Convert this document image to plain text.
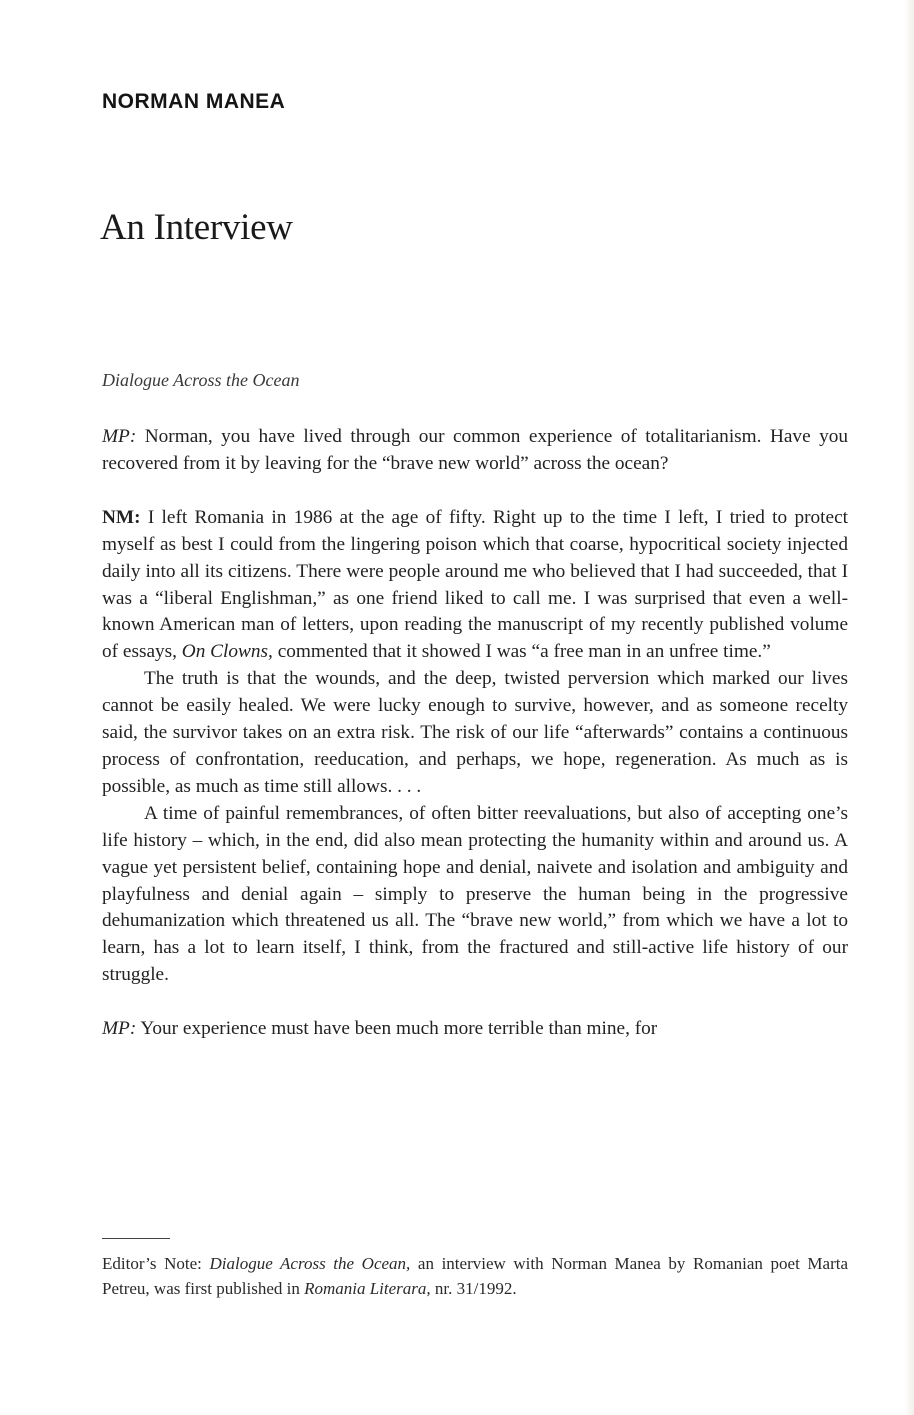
NORMAN MANEA
An Interview
Dialogue Across the Ocean

MP: Norman, you have lived through our common experience of totalitarianism. Have you recovered from it by leaving for the “brave new world” across the ocean?

NM: I left Romania in 1986 at the age of fifty. Right up to the time I left, I tried to protect myself as best I could from the lingering poison which that coarse, hypocritical society injected daily into all its citizens. There were people around me who believed that I had succeeded, that I was a “liberal Englishman,” as one friend liked to call me. I was surprised that even a well-known American man of letters, upon reading the manuscript of my recently published volume of essays, On Clowns, commented that it showed I was “a free man in an unfree time.”

The truth is that the wounds, and the deep, twisted perversion which marked our lives cannot be easily healed. We were lucky enough to survive, however, and as someone recelty said, the survivor takes on an extra risk. The risk of our life “afterwards” contains a continuous process of confrontation, reeducation, and perhaps, we hope, regeneration. As much as is possible, as much as time still allows. . . .

A time of painful remembrances, of often bitter reevaluations, but also of accepting one’s life history – which, in the end, did also mean protecting the humanity within and around us. A vague yet persistent belief, containing hope and denial, naivete and isolation and ambiguity and playfulness and denial again – simply to preserve the human being in the progressive dehumanization which threatened us all. The “brave new world,” from which we have a lot to learn, has a lot to learn itself, I think, from the fractured and still-active life history of our struggle.

MP: Your experience must have been much more terrible than mine, for

Editor’s Note: Dialogue Across the Ocean, an interview with Norman Manea by Romanian poet Marta Petreu, was first published in Romania Literara, nr. 31/1992.
